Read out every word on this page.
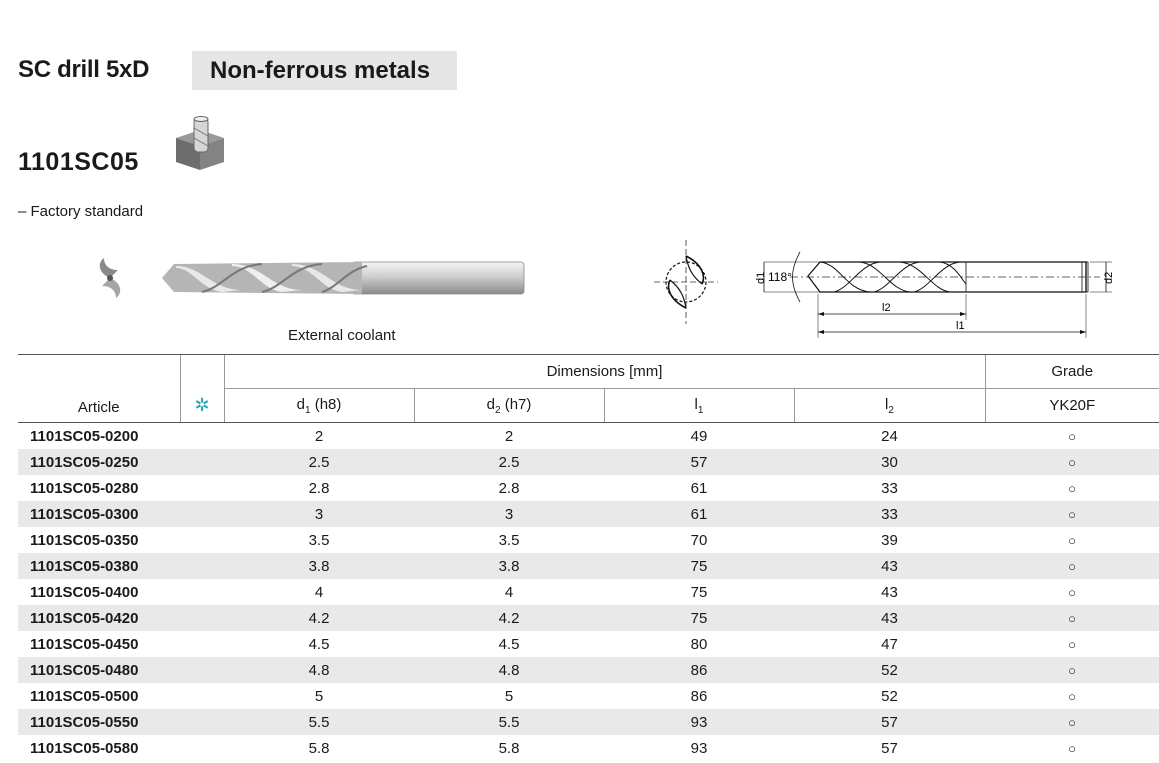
SC drill 5xD	Non-ferrous metals
1101SC05
– Factory standard
External coolant
d1 118°	d2
l2
l1
Article	✲	Dimensions [mm]				Grade
		$d_1$ (h8)	$d_2$ (h7)	$l_1$	$l_2$	YK20F
1101SC05-0200		2	2	49	24	○
1101SC05-0250		2.5	2.5	57	30	○
1101SC05-0280		2.8	2.8	61	33	○
1101SC05-0300		3	3	61	33	○
1101SC05-0350		3.5	3.5	70	39	○
1101SC05-0380		3.8	3.8	75	43	○
1101SC05-0400		4	4	75	43	○
1101SC05-0420		4.2	4.2	75	43	○
1101SC05-0450		4.5	4.5	80	47	○
1101SC05-0480		4.8	4.8	86	52	○
1101SC05-0500		5	5	86	52	○
1101SC05-0550		5.5	5.5	93	57	○
1101SC05-0580		5.8	5.8	93	57	○
